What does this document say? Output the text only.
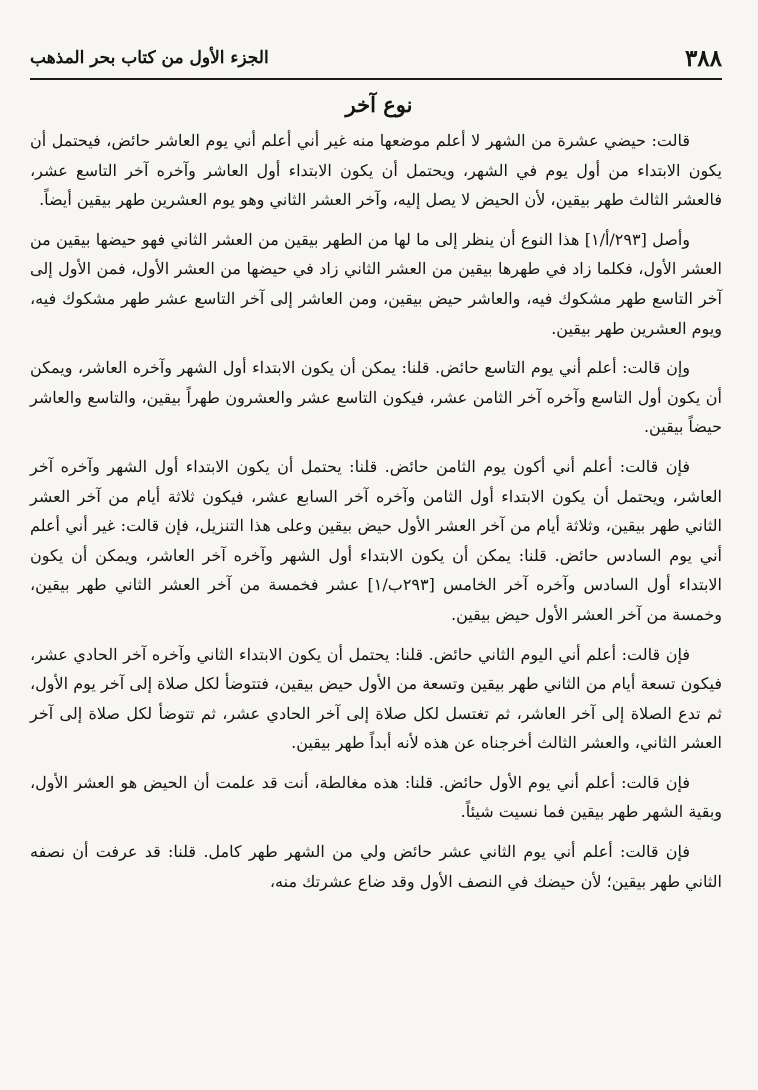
٣٨٨
الجزء الأول من كتاب بحر المذهب
نوع آخر

قالت: حيضي عشرة من الشهر لا أعلم موضعها منه غير أني أعلم أني يوم العاشر حائض، فيحتمل أن يكون الابتداء من أول يوم في الشهر، ويحتمل أن يكون الابتداء أول العاشر وآخره آخر التاسع عشر، فالعشر الثالث طهر بيقين، لأن الحيض لا يصل إليه، وآخر العشر الثاني وهو يوم العشرين طهر بيقين أيضاً.

وأصل [٢٩٣/أ/١] هذا النوع أن ينظر إلى ما لها من الطهر بيقين من العشر الثاني فهو حيضها بيقين من العشر الأول، فكلما زاد في طهرها بيقين من العشر الثاني زاد في حيضها من العشر الأول، فمن الأول إلى آخر التاسع طهر مشكوك فيه، والعاشر حيض بيقين، ومن العاشر إلى آخر التاسع عشر طهر مشكوك فيه، ويوم العشرين طهر بيقين.

وإن قالت: أعلم أني يوم التاسع حائض. قلنا: يمكن أن يكون الابتداء أول الشهر وآخره العاشر، ويمكن أن يكون أول التاسع وآخره آخر الثامن عشر، فيكون التاسع عشر والعشرون طهراً بيقين، والتاسع والعاشر حيضاً بيقين.

فإن قالت: أعلم أني أكون يوم الثامن حائض. قلنا: يحتمل أن يكون الابتداء أول الشهر وآخره آخر العاشر، ويحتمل أن يكون الابتداء أول الثامن وآخره آخر السابع عشر، فيكون ثلاثة أيام من آخر العشر الثاني طهر بيقين، وثلاثة أيام من آخر العشر الأول حيض بيقين وعلى هذا التنزيل، فإن قالت: غير أني أعلم أني يوم السادس حائض. قلنا: يمكن أن يكون الابتداء أول الشهر وآخره آخر العاشر، ويمكن أن يكون الابتداء أول السادس وآخره آخر الخامس [٢٩٣ب/١] عشر فخمسة من آخر العشر الثاني طهر بيقين، وخمسة من آخر العشر الأول حيض بيقين.

فإن قالت: أعلم أني اليوم الثاني حائض. قلنا: يحتمل أن يكون الابتداء الثاني وآخره آخر الحادي عشر، فيكون تسعة أيام من الثاني طهر بيقين وتسعة من الأول حيض بيقين، فتتوضأ لكل صلاة إلى آخر يوم الأول، ثم تدع الصلاة إلى آخر العاشر، ثم تغتسل لكل صلاة إلى آخر الحادي عشر، ثم تتوضأ لكل صلاة إلى آخر العشر الثاني، والعشر الثالث أخرجناه عن هذه لأنه أبداً طهر بيقين.

فإن قالت: أعلم أني يوم الأول حائض. قلنا: هذه مغالطة، أنت قد علمت أن الحيض هو العشر الأول، وبقية الشهر طهر بيقين فما نسيت شيئاً.

فإن قالت: أعلم أني يوم الثاني عشر حائض ولي من الشهر طهر كامل. قلنا: قد عرفت أن نصفه الثاني طهر بيقين؛ لأن حيضك في النصف الأول وقد ضاع عشرتك منه،
